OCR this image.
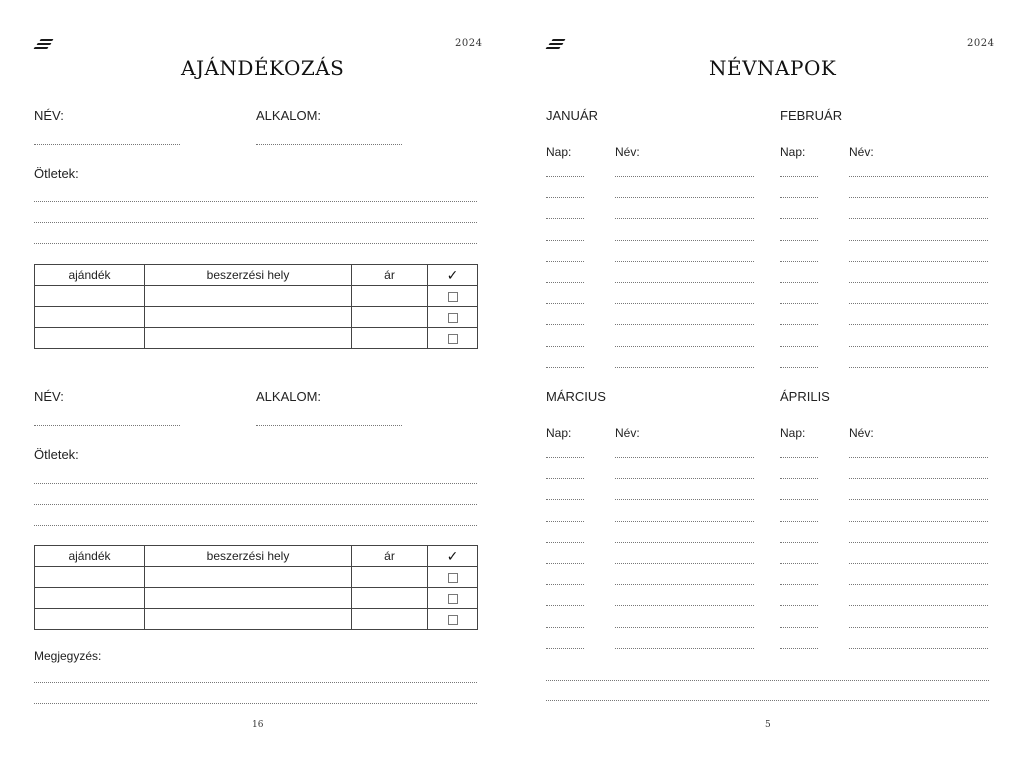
2024
AJÁNDÉKOZÁS
NÉV:	ALKALOM:
Ötletek:
ajándék	beszerzési hely	ár	✓

NÉV:	ALKALOM:
Ötletek:
ajándék	beszerzési hely	ár	✓

Megjegyzés:
16
2024
NÉVNAPOK
JANUÁR	FEBRUÁR
MÁRCIUS	ÁPRILIS
Nap:	Név:	Nap:	Név:
Nap:	Név:	Nap:	Név:
5
